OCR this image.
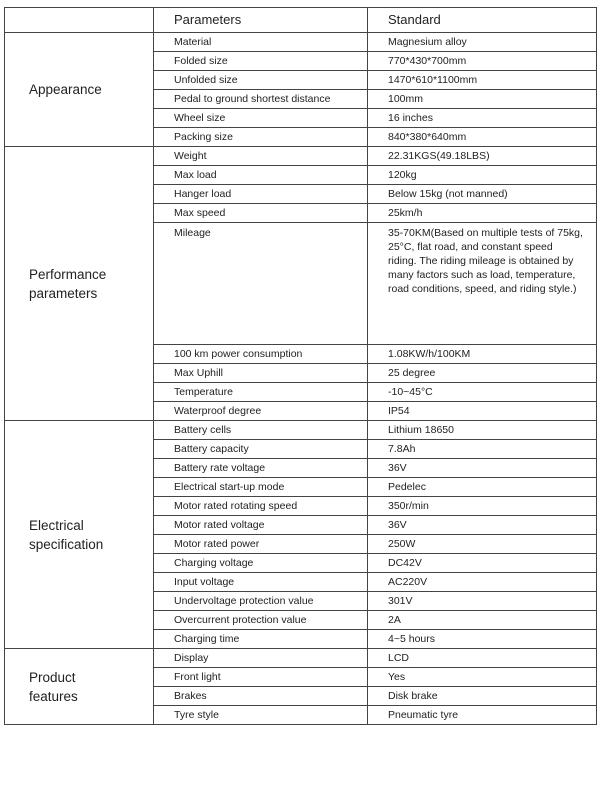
	Parameters	Standard
Appearance	Material	Magnesium alloy
	Folded size	770*430*700mm
	Unfolded size	1470*610*1100mm
	Pedal to ground shortest distance	100mm
	Wheel size	16 inches
	Packing size	840*380*640mm
Performance parameters	Weight	22.31KGS(49.18LBS)
	Max load	120kg
	Hanger load	Below 15kg (not manned)
	Max speed	25km/h
	Mileage	35-70KM(Based on multiple tests of 75kg, 25°C, flat road, and constant speed riding. The riding mileage is obtained by many factors such as load, temperature, road conditions, speed, and riding style.)
	100 km power consumption	1.08KW/h/100KM
	Max Uphill	25 degree
	Temperature	-10~45°C
	Waterproof degree	IP54
Electrical specification	Battery cells	Lithium 18650
	Battery capacity	7.8Ah
	Battery rate voltage	36V
	Electrical start-up mode	Pedelec
	Motor rated rotating speed	350r/min
	Motor rated voltage	36V
	Motor rated power	250W
	Charging voltage	DC42V
	Input voltage	AC220V
	Undervoltage protection value	301V
	Overcurrent protection value	2A
	Charging time	4~5 hours
Product features	Display	LCD
	Front light	Yes
	Brakes	Disk brake
	Tyre style	Pneumatic tyre
